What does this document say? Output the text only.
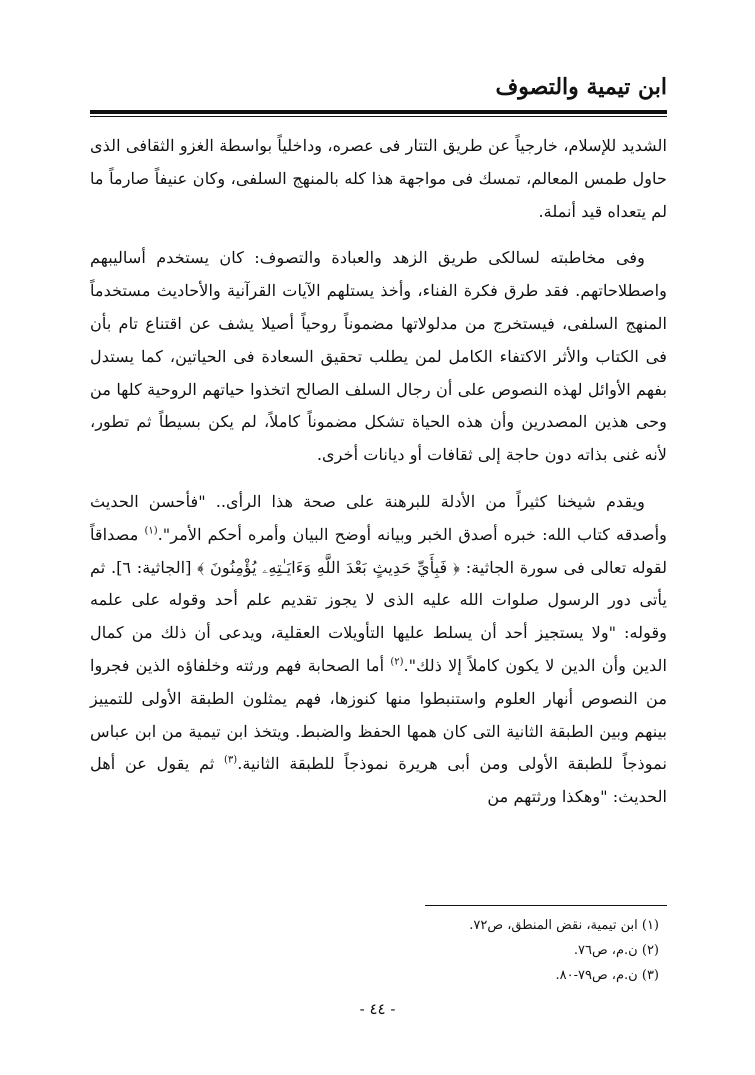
ابن تيمية والتصوف

الشديد للإسلام، خارجياً عن طريق التتار فى عصره، وداخلياً بواسطة الغزو الثقافى الذى حاول طمس المعالم، تمسك فى مواجهة هذا كله بالمنهج السلفى، وكان عنيفاً صارماً ما لم يتعداه قيد أنملة.

وفى مخاطبته لسالكى طريق الزهد والعبادة والتصوف: كان يستخدم أساليبهم واصطلاحاتهم. فقد طرق فكرة الفناء، وأخذ يستلهم الآيات القرآنية والأحاديث مستخدماً المنهج السلفى، فيستخرج من مدلولاتها مضموناً روحياً أصيلا يشف عن اقتناع تام بأن فى الكتاب والأثر الاكتفاء الكامل لمن يطلب تحقيق السعادة فى الحياتين، كما يستدل بفهم الأوائل لهذه النصوص على أن رجال السلف الصالح اتخذوا حياتهم الروحية كلها من وحى هذين المصدرين وأن هذه الحياة تشكل مضموناً كاملاً، لم يكن بسيطاً ثم تطور، لأنه غنى بذاته دون حاجة إلى ثقافات أو ديانات أخرى.

ويقدم شيخنا كثيراً من الأدلة للبرهنة على صحة هذا الرأى.. "فأحسن الحديث وأصدقه كتاب الله: خبره أصدق الخبر وبيانه أوضح البيان وأمره أحكم الأمر".$^{(١)}$ مصداقاً لقوله تعالى فى سورة الجاثية: ﴿ فَبِأَيِّ حَدِيثٍ بَعْدَ اللَّهِ وَءَايَـٰتِهِۦ يُؤْمِنُونَ ﴾ [الجاثية: ٦]. ثم يأتى دور الرسول صلوات الله عليه الذى لا يجوز تقديم علم أحد وقوله على علمه وقوله: "ولا يستجيز أحد أن يسلط عليها التأويلات العقلية، ويدعى أن ذلك من كمال الدين وأن الدين لا يكون كاملاً إلا ذلك".$^{(٢)}$ أما الصحابة فهم ورثته وخلفاؤه الذين فجروا من النصوص أنهار العلوم واستنبطوا منها كنوزها، فهم يمثلون الطبقة الأولى للتمييز بينهم وبين الطبقة الثانية التى كان همها الحفظ والضبط. ويتخذ ابن تيمية من ابن عباس نموذجاً للطبقة الأولى ومن أبى هريرة نموذجاً للطبقة الثانية.$^{(٣)}$ ثم يقول عن أهل الحديث: "وهكذا ورثتهم من

(١) ابن تيمية، نقض المنطق، ص٧٢.

(٢) ن.م، ص٧٦.

(٣) ن.م، ص٧٩-٨٠.

- ٤٤ -
